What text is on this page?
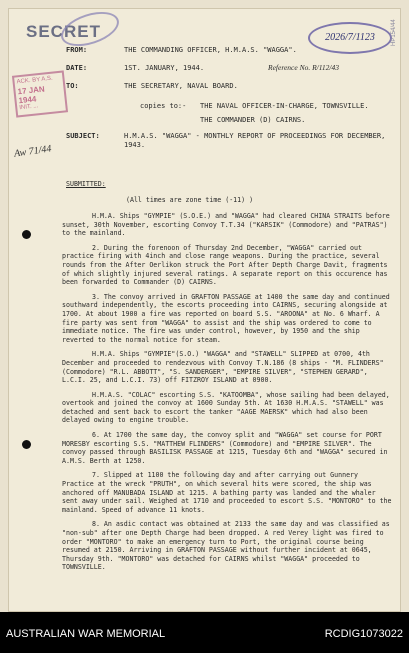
SECRET	2026/7/1123	HP154/44
ACK. BY A.S.
17 JAN 1944
INIT. ...
Aw 71/44
FROM:	THE COMMANDING OFFICER, H.M.A.S. "WAGGA".
DATE:	1ST. JANUARY, 1944.	Reference No. R/112/43
TO:	THE SECRETARY, NAVAL BOARD.
copies to:- THE NAVAL OFFICER-IN-CHARGE, TOWNSVILLE.
THE COMMANDER (D) CAIRNS.
SUBJECT:	H.M.A.S. "WAGGA" - MONTHLY REPORT OF PROCEEDINGS FOR DECEMBER, 1943.
SUBMITTED:
(All times are zone time (-11) )

H.M.A. Ships "GYMPIE" (S.O.E.) and "WAGGA" had cleared CHINA STRAITS before sunset, 30th November, escorting Convoy T.T.34 ("KARSIK" (Commodore) and "PATRAS") to the mainland.

2. During the forenoon of Thursday 2nd December, "WAGGA" carried out practice firing with 4inch and close range weapons. During the practice, several rounds from the After Oerlikon struck the Port After Depth Charge Davit, fragments of which slightly injured several ratings. A separate report on this occurence has been forwarded to Commander (D) CAIRNS.

3. The convoy arrived in GRAFTON PASSAGE at 1400 the same day and continued southward independently, the escorts proceeding into CAIRNS, securing alongside at 1700. At about 1900 a fire was reported on board S.S. "AROONA" at No. 6 Wharf. A fire party was sent from "WAGGA" to assist and the ship was ordered to come to immediate notice. The fire was under control, however, by 1950 and the ship reverted to the normal notice for steam.

H.M.A. Ships "GYMPIE"(S.O.) "WAGGA" and "STAWELL" SLIPPED at 0700, 4th December and proceeded to rendezvous with Convoy T.N.186 (8 ships - "M. FLINDERS" (Commodore) "R.L. ABBOTT", "S. SANDERGER", "EMPIRE SILVER", "STEPHEN GERARD", L.C.I. 25, and L.C.I. 73) off FITZROY ISLAND at 0900.

H.M.A.S. "COLAC" escorting S.S. "KATOOMBA", whose sailing had been delayed, overtook and joined the convoy at 1600 Sunday 5th. At 1630 H.M.A.S. "STAWELL" was detached and sent back to escort the tanker "AAGE MAERSK" which had also been delayed owing to engine trouble.

6. At 1700 the same day, the convoy split and "WAGGA" set course for PORT MORESBY escorting S.S. "MATTHEW FLINDERS" (Commodore) and "EMPIRE SILVER". The convoy passed through BASILISK PASSAGE at 1215, Tuesday 6th and "WAGGA" secured in A.M.S. Berth at 1250.

7. Slipped at 1100 the following day and after carrying out Gunnery Practice at the wreck "PRUTH", on which several hits were scored, the ship was anchored off MANUBADA ISLAND at 1215. A bathing party was landed and the whaler sent away under sail. Weighed at 1710 and proceeded to escort S.S. "MONTORO" to the mainland. Speed of advance 11 knots.

8. An asdic contact was obtained at 2133 the same day and was classified as "non-sub" after one Depth Charge had been dropped. A red Verey light was fired to order "MONTORO" to make an emergency turn to Port, the original course being resumed at 2150. Arriving in GRAFTON PASSAGE without further incident at 0645, Thursday 9th. "MONTORO" was detached for CAIRNS whilst "WAGGA" proceeded to TOWNSVILLE.

AUSTRALIAN WAR MEMORIAL	RCDIG1073022
